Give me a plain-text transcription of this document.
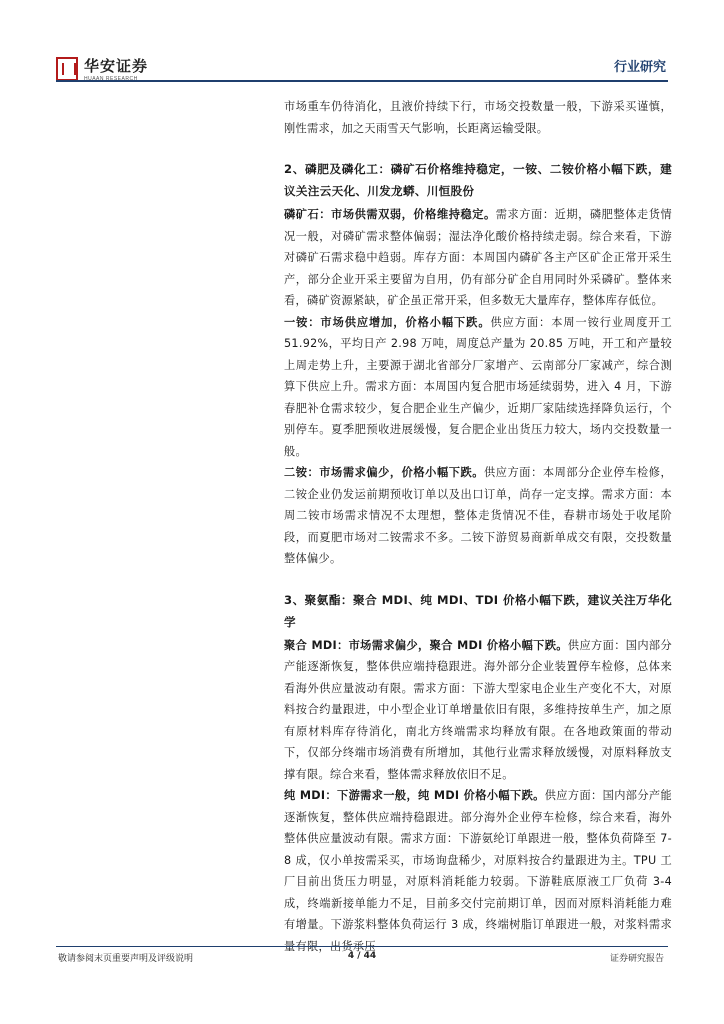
华安证券
HUAAN RESEARCH
行业研究

市场重车仍待消化，且液价持续下行，市场交投数量一般，下游采买谨慎，刚性需求，加之天雨雪天气影响，长距离运输受限。

2、磷肥及磷化工：磷矿石价格维持稳定，一铵、二铵价格小幅下跌，建议关注云天化、川发龙蟒、川恒股份

磷矿石：市场供需双弱，价格维持稳定。需求方面：近期，磷肥整体走货情况一般，对磷矿需求整体偏弱；湿法净化酸价格持续走弱。综合来看，下游对磷矿石需求稳中趋弱。库存方面：本周国内磷矿各主产区矿企正常开采生产，部分企业开采主要留为自用，仍有部分矿企自用同时外采磷矿。整体来看，磷矿资源紧缺，矿企虽正常开采，但多数无大量库存，整体库存低位。

一铵：市场供应增加，价格小幅下跌。供应方面：本周一铵行业周度开工 51.92%，平均日产 2.98 万吨，周度总产量为 20.85 万吨，开工和产量较上周走势上升，主要源于湖北省部分厂家增产、云南部分厂家减产，综合测算下供应上升。需求方面：本周国内复合肥市场延续弱势，进入 4 月，下游春肥补仓需求较少，复合肥企业生产偏少，近期厂家陆续选择降负运行，个别停车。夏季肥预收进展缓慢，复合肥企业出货压力较大，场内交投数量一般。

二铵：市场需求偏少，价格小幅下跌。供应方面：本周部分企业停车检修，二铵企业仍发运前期预收订单以及出口订单，尚存一定支撑。需求方面：本周二铵市场需求情况不太理想，整体走货情况不佳，春耕市场处于收尾阶段，而夏肥市场对二铵需求不多。二铵下游贸易商新单成交有限，交投数量整体偏少。

3、聚氨酯：聚合 MDI、纯 MDI、TDI 价格小幅下跌，建议关注万华化学

聚合 MDI：市场需求偏少，聚合 MDI 价格小幅下跌。供应方面：国内部分产能逐渐恢复，整体供应端持稳跟进。海外部分企业装置停车检修，总体来看海外供应量波动有限。需求方面：下游大型家电企业生产变化不大，对原料按合约量跟进，中小型企业订单增量依旧有限，多维持按单生产，加之原有原材料库存待消化，南北方终端需求均释放有限。在各地政策面的带动下，仅部分终端市场消费有所增加，其他行业需求释放缓慢，对原料释放支撑有限。综合来看，整体需求释放依旧不足。

纯 MDI：下游需求一般，纯 MDI 价格小幅下跌。供应方面：国内部分产能逐渐恢复，整体供应端持稳跟进。部分海外企业停车检修，综合来看，海外整体供应量波动有限。需求方面：下游氨纶订单跟进一般，整体负荷降至 7-8 成，仅小单按需采买，市场询盘稀少，对原料按合约量跟进为主。TPU 工厂目前出货压力明显，对原料消耗能力较弱。下游鞋底原液工厂负荷 3-4 成，终端新接单能力不足，目前多交付完前期订单，因而对原料消耗能力难有增量。下游浆料整体负荷运行 3 成，终端树脂订单跟进一般，对浆料需求量有限，出货承压

敬请参阅末页重要声明及评级说明	4 / 44	证券研究报告
